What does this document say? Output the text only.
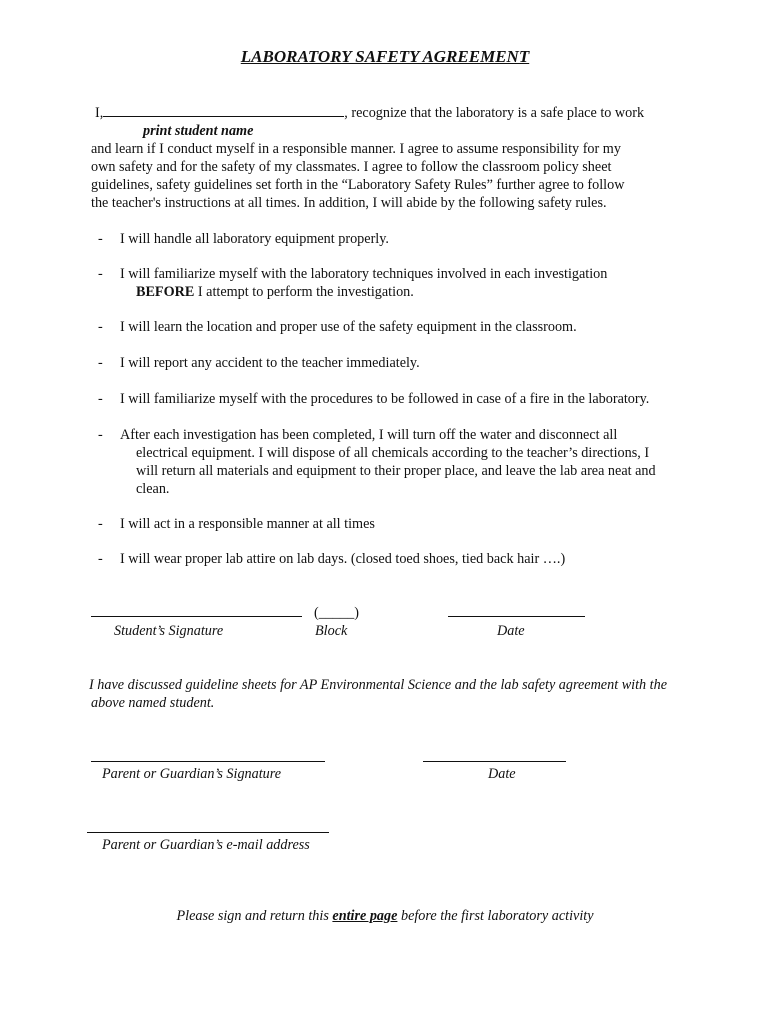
LABORATORY SAFETY AGREEMENT
I,	, recognize that the laboratory is a safe place to work
print student name
and learn if I conduct myself in a responsible manner. I agree to assume responsibility for my
own safety and for the safety of my classmates. I agree to follow the classroom policy sheet
guidelines, safety guidelines set forth in the “Laboratory Safety Rules” further agree to follow
the teacher's instructions at all times. In addition, I will abide by the following safety rules.
- I will handle all laboratory equipment properly.
- I will familiarize myself with the laboratory techniques involved in each investigation
BEFORE I attempt to perform the investigation.
- I will learn the location and proper use of the safety equipment in the classroom.
- I will report any accident to the teacher immediately.
- I will familiarize myself with the procedures to be followed in case of a fire in the laboratory.
- After each investigation has been completed, I will turn off the water and disconnect all
electrical equipment. I will dispose of all chemicals according to the teacher’s directions, I
will return all materials and equipment to their proper place, and leave the lab area neat and
clean.
- I will act in a responsible manner at all times
- I will wear proper lab attire on lab days. (closed toed shoes, tied back hair ….)
(_____)
Student’s Signature	Block	Date
I have discussed guideline sheets for AP Environmental Science and the lab safety agreement with the
above named student.
Parent or Guardian’s Signature	Date
Parent or Guardian’s e-mail address
Please sign and return this entire page before the first laboratory activity
